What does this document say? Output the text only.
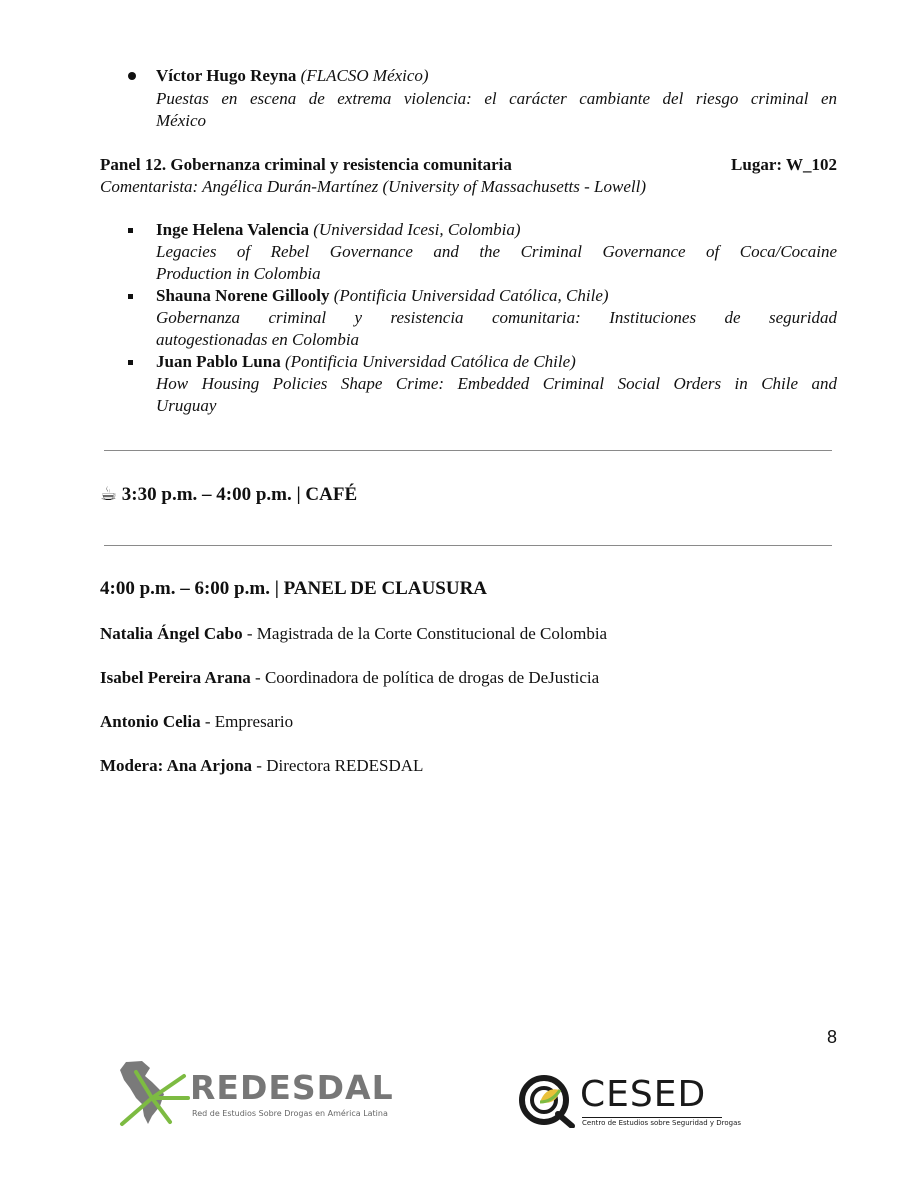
Víctor Hugo Reyna (FLACSO México)
Puestas en escena de extrema violencia: el carácter cambiante del riesgo criminal en
México
Panel 12. Gobernanza criminal y resistencia comunitaria	Lugar: W_102
Comentarista: Angélica Durán-Martínez (University of Massachusetts - Lowell)
Inge Helena Valencia (Universidad Icesi, Colombia)
Legacies of Rebel Governance and the Criminal Governance of Coca/Cocaine
Production in Colombia
Shauna Norene Gillooly (Pontificia Universidad Católica, Chile)
Gobernanza criminal y resistencia comunitaria: Instituciones de seguridad
autogestionadas en Colombia
Juan Pablo Luna (Pontificia Universidad Católica de Chile)
How Housing Policies Shape Crime: Embedded Criminal Social Orders in Chile and
Uruguay
☕ 3:30 p.m. – 4:00 p.m. | CAFÉ
4:00 p.m. – 6:00 p.m. | PANEL DE CLAUSURA
Natalia Ángel Cabo - Magistrada de la Corte Constitucional de Colombia
Isabel Pereira Arana - Coordinadora de política de drogas de DeJusticia
Antonio Celia - Empresario
Modera: Ana Arjona - Directora REDESDAL
8
REDESDAL
Red de Estudios Sobre Drogas en América Latina	CESED
Centro de Estudios sobre Seguridad y Drogas
